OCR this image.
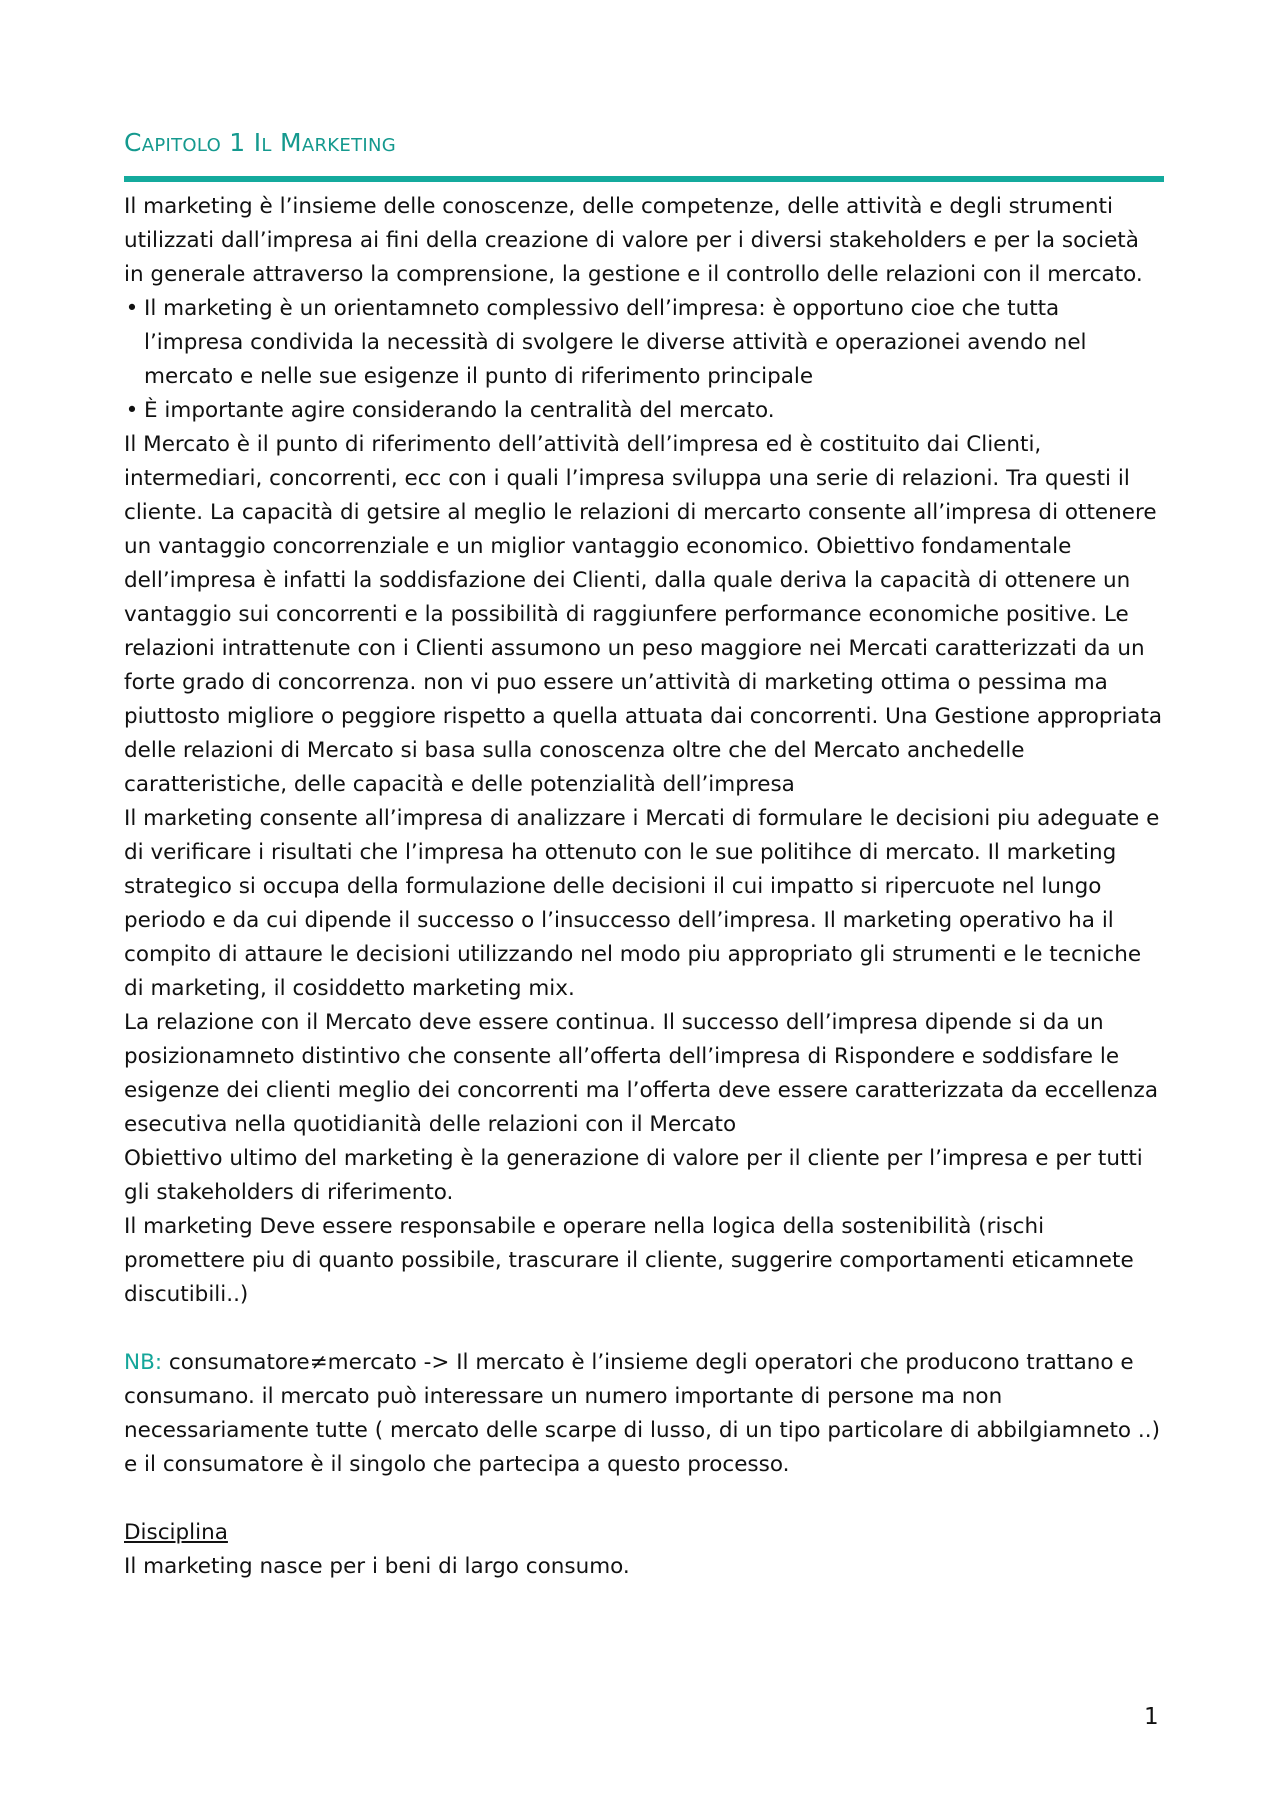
Capitolo 1 Il Marketing

Il marketing è l’insieme delle conoscenze, delle competenze, delle attività e degli strumenti utilizzati dall’impresa ai fini della creazione di valore per i diversi stakeholders e per la società in generale attraverso la comprensione, la gestione e il controllo delle relazioni con il mercato.

• Il marketing è un orientamneto complessivo dell’impresa: è opportuno cioe che tutta l’impresa condivida la necessità di svolgere le diverse attività e operazionei avendo nel mercato e nelle sue esigenze il punto di riferimento principale
• È importante agire considerando la centralità del mercato.

Il Mercato è il punto di riferimento dell’attività dell’impresa ed è costituito dai Clienti, intermediari, concorrenti, ecc con i quali l’impresa sviluppa una serie di relazioni. Tra questi il cliente. La capacità di getsire al meglio le relazioni di mercarto consente all’impresa di ottenere un vantaggio concorrenziale e un miglior vantaggio economico. Obiettivo fondamentale dell’impresa è infatti la soddisfazione dei Clienti, dalla quale deriva la capacità di ottenere un vantaggio sui concorrenti e la possibilità di raggiunfere performance economiche positive. Le relazioni intrattenute con i Clienti assumono un peso maggiore nei Mercati caratterizzati da un forte grado di concorrenza. non vi puo essere un’attività di marketing ottima o pessima ma piuttosto migliore o peggiore rispetto a quella attuata dai concorrenti. Una Gestione appropriata delle relazioni di Mercato si basa sulla conoscenza oltre che del Mercato anchedelle caratteristiche, delle capacità e delle potenzialità dell’impresa

Il marketing consente all’impresa di analizzare i Mercati di formulare le decisioni piu adeguate e di verificare i risultati che l’impresa ha ottenuto con le sue politihce di mercato. Il marketing strategico si occupa della formulazione delle decisioni il cui impatto si ripercuote nel lungo periodo e da cui dipende il successo o l’insuccesso dell’impresa. Il marketing operativo ha il compito di attaure le decisioni utilizzando nel modo piu appropriato gli strumenti e le tecniche di marketing, il cosiddetto marketing mix.

La relazione con il Mercato deve essere continua. Il successo dell’impresa dipende si da un posizionamneto distintivo che consente all’offerta dell’impresa di Rispondere e soddisfare le esigenze dei clienti meglio dei concorrenti ma l’offerta deve essere caratterizzata da eccellenza esecutiva nella quotidianità delle relazioni con il Mercato

Obiettivo ultimo del marketing è la generazione di valore per il cliente per l’impresa e per tutti gli stakeholders di riferimento.

Il marketing Deve essere responsabile e operare nella logica della sostenibilità (rischi promettere piu di quanto possibile, trascurare il cliente, suggerire comportamenti eticamnete discutibili..)

NB: consumatore≠mercato -> Il mercato è l’insieme degli operatori che producono trattano e consumano. il mercato può interessare un numero importante di persone ma non necessariamente tutte ( mercato delle scarpe di lusso, di un tipo particolare di abbilgiamneto ..) e il consumatore è il singolo che partecipa a questo processo.

Disciplina

Il marketing nasce per i beni di largo consumo.

1
